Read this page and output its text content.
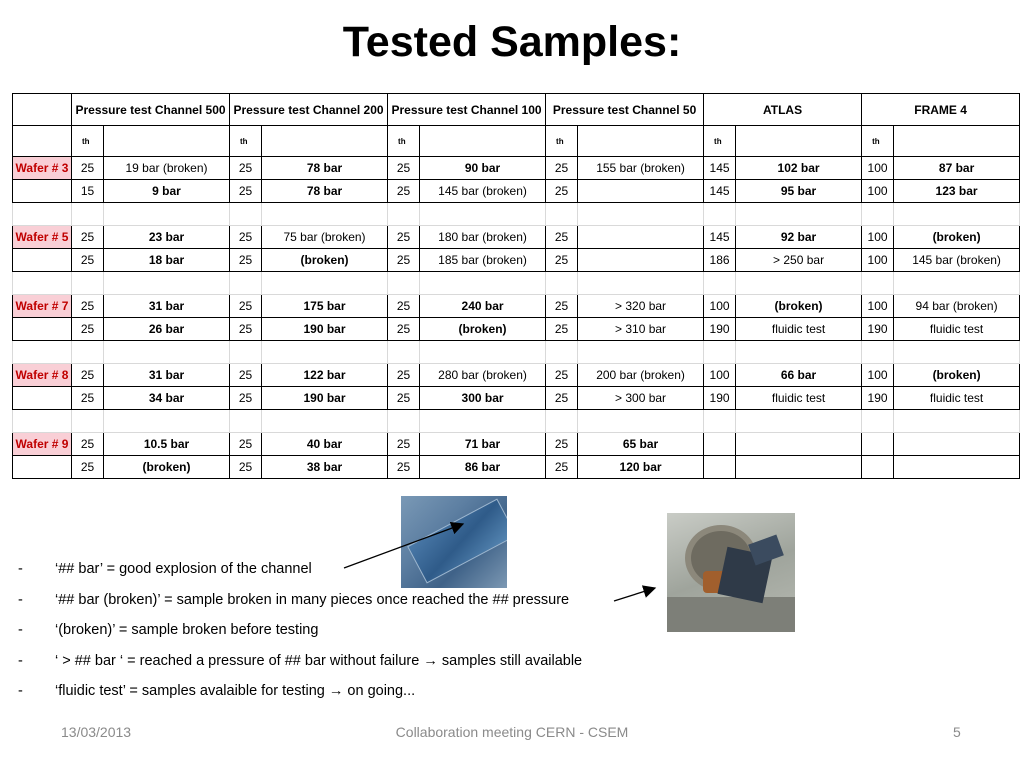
Tested Samples:
	Pressure test Channel 500		Pressure test Channel 200		Pressure test Channel 100		Pressure test Channel 50		ATLAS		FRAME 4	
	th		th		th		th		th		th	
Wafer # 3	25	19 bar (broken)	25	78 bar	25	90 bar	25	155 bar (broken)	145	102 bar	100	87 bar
	15	9 bar	25	78 bar	25	145 bar (broken)	25		145	95 bar	100	123 bar

Wafer # 5	25	23 bar	25	75 bar (broken)	25	180 bar (broken)	25		145	92 bar	100	(broken)
	25	18 bar	25	(broken)	25	185 bar (broken)	25		186	> 250 bar	100	145 bar (broken)

Wafer # 7	25	31 bar	25	175 bar	25	240 bar	25	> 320 bar	100	(broken)	100	94 bar (broken)
	25	26 bar	25	190 bar	25	(broken)	25	> 310 bar	190	fluidic test	190	fluidic test

Wafer # 8	25	31 bar	25	122 bar	25	280 bar (broken)	25	200 bar (broken)	100	66 bar	100	(broken)
	25	34 bar	25	190 bar	25	300 bar	25	> 300 bar	190	fluidic test	190	fluidic test

Wafer # 9	25	10.5 bar	25	40 bar	25	71 bar	25	65 bar				
	25	(broken)	25	38 bar	25	86 bar	25	120 bar				
-	‘## bar’ = good explosion of the channel
-	‘## bar (broken)’ = sample broken in many pieces once reached the ## pressure
-	‘(broken)’ = sample broken before testing
-	‘ > ## bar ‘ = reached a pressure of ## bar without failure → samples still available
-	‘fluidic test’ = samples avalaible for testing → on going...
13/03/2013	Collaboration meeting CERN - CSEM	5
